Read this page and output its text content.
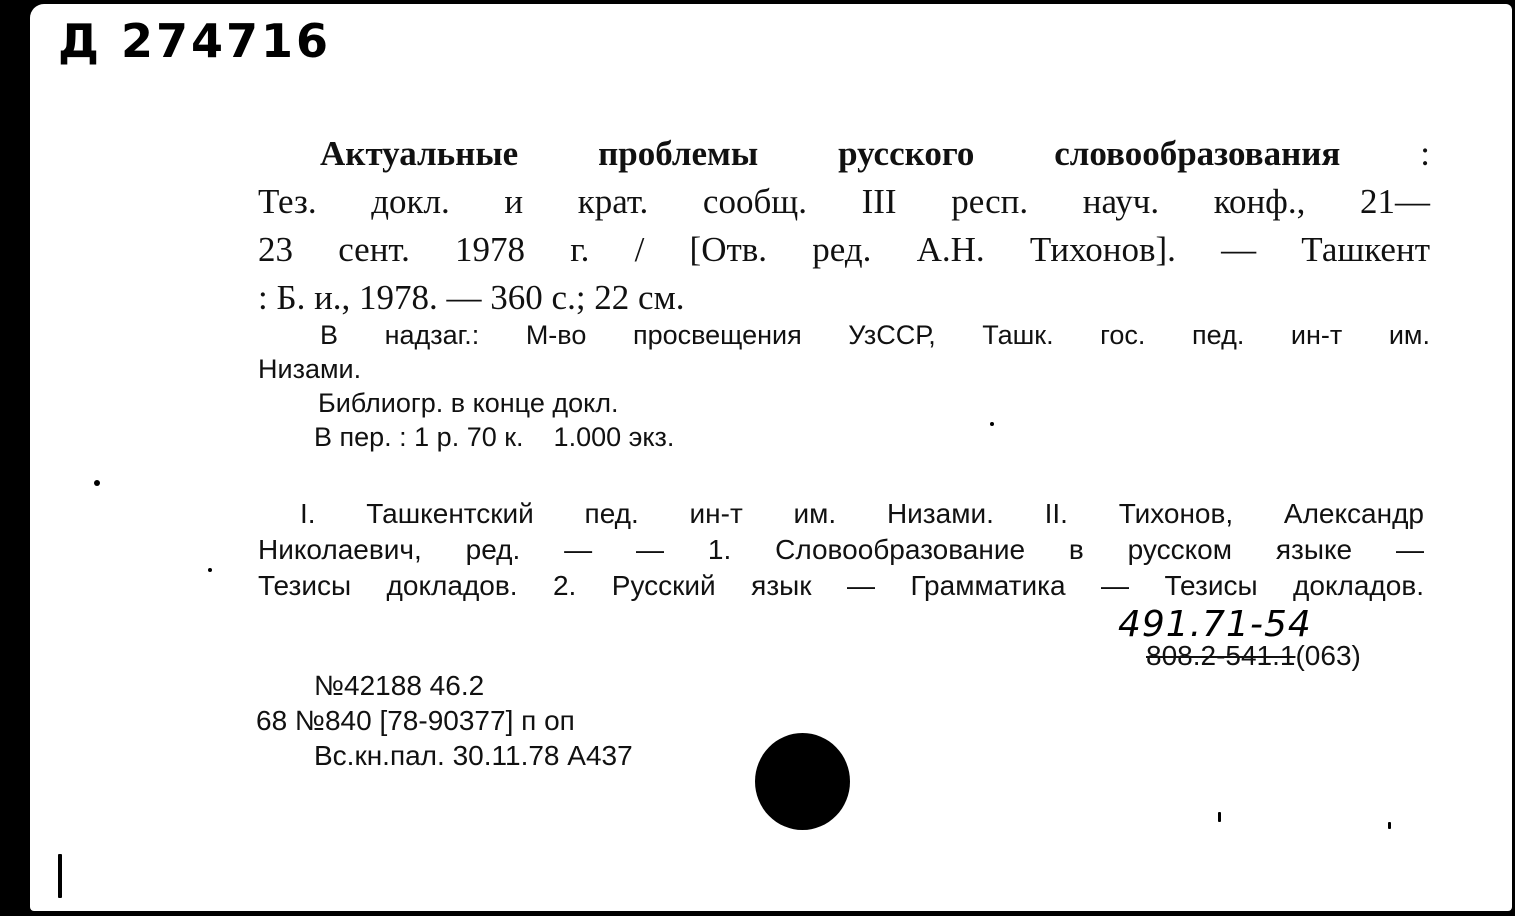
Д 274716
Актуальные проблемы русского словообразования :
Тез. докл. и крат. сообщ. III респ. науч. конф., 21—
23 сент. 1978 г. / [Отв. ред. А.Н. Тихонов]. — Ташкент
: Б. и., 1978. — 360 с.; 22 см.
В надзаг.: М-во просвещения УзССР, Ташк. гос. пед. ин-т им.
Низами.
Библиогр. в конце докл.
В пер. : 1 р. 70 к.    1.000 экз.
I. Ташкентский пед. ин-т им. Низами. II. Тихонов, Александр
Николаевич, ред. — — 1. Словообразование в русском языке —
Тезисы докладов. 2. Русский язык — Грамматика — Тезисы докладов.
491.71-54
808.2-541.1(063)
№42188 46.2
68 №840 [78-90377] п оп
Вс.кн.пал. 30.11.78 А437
